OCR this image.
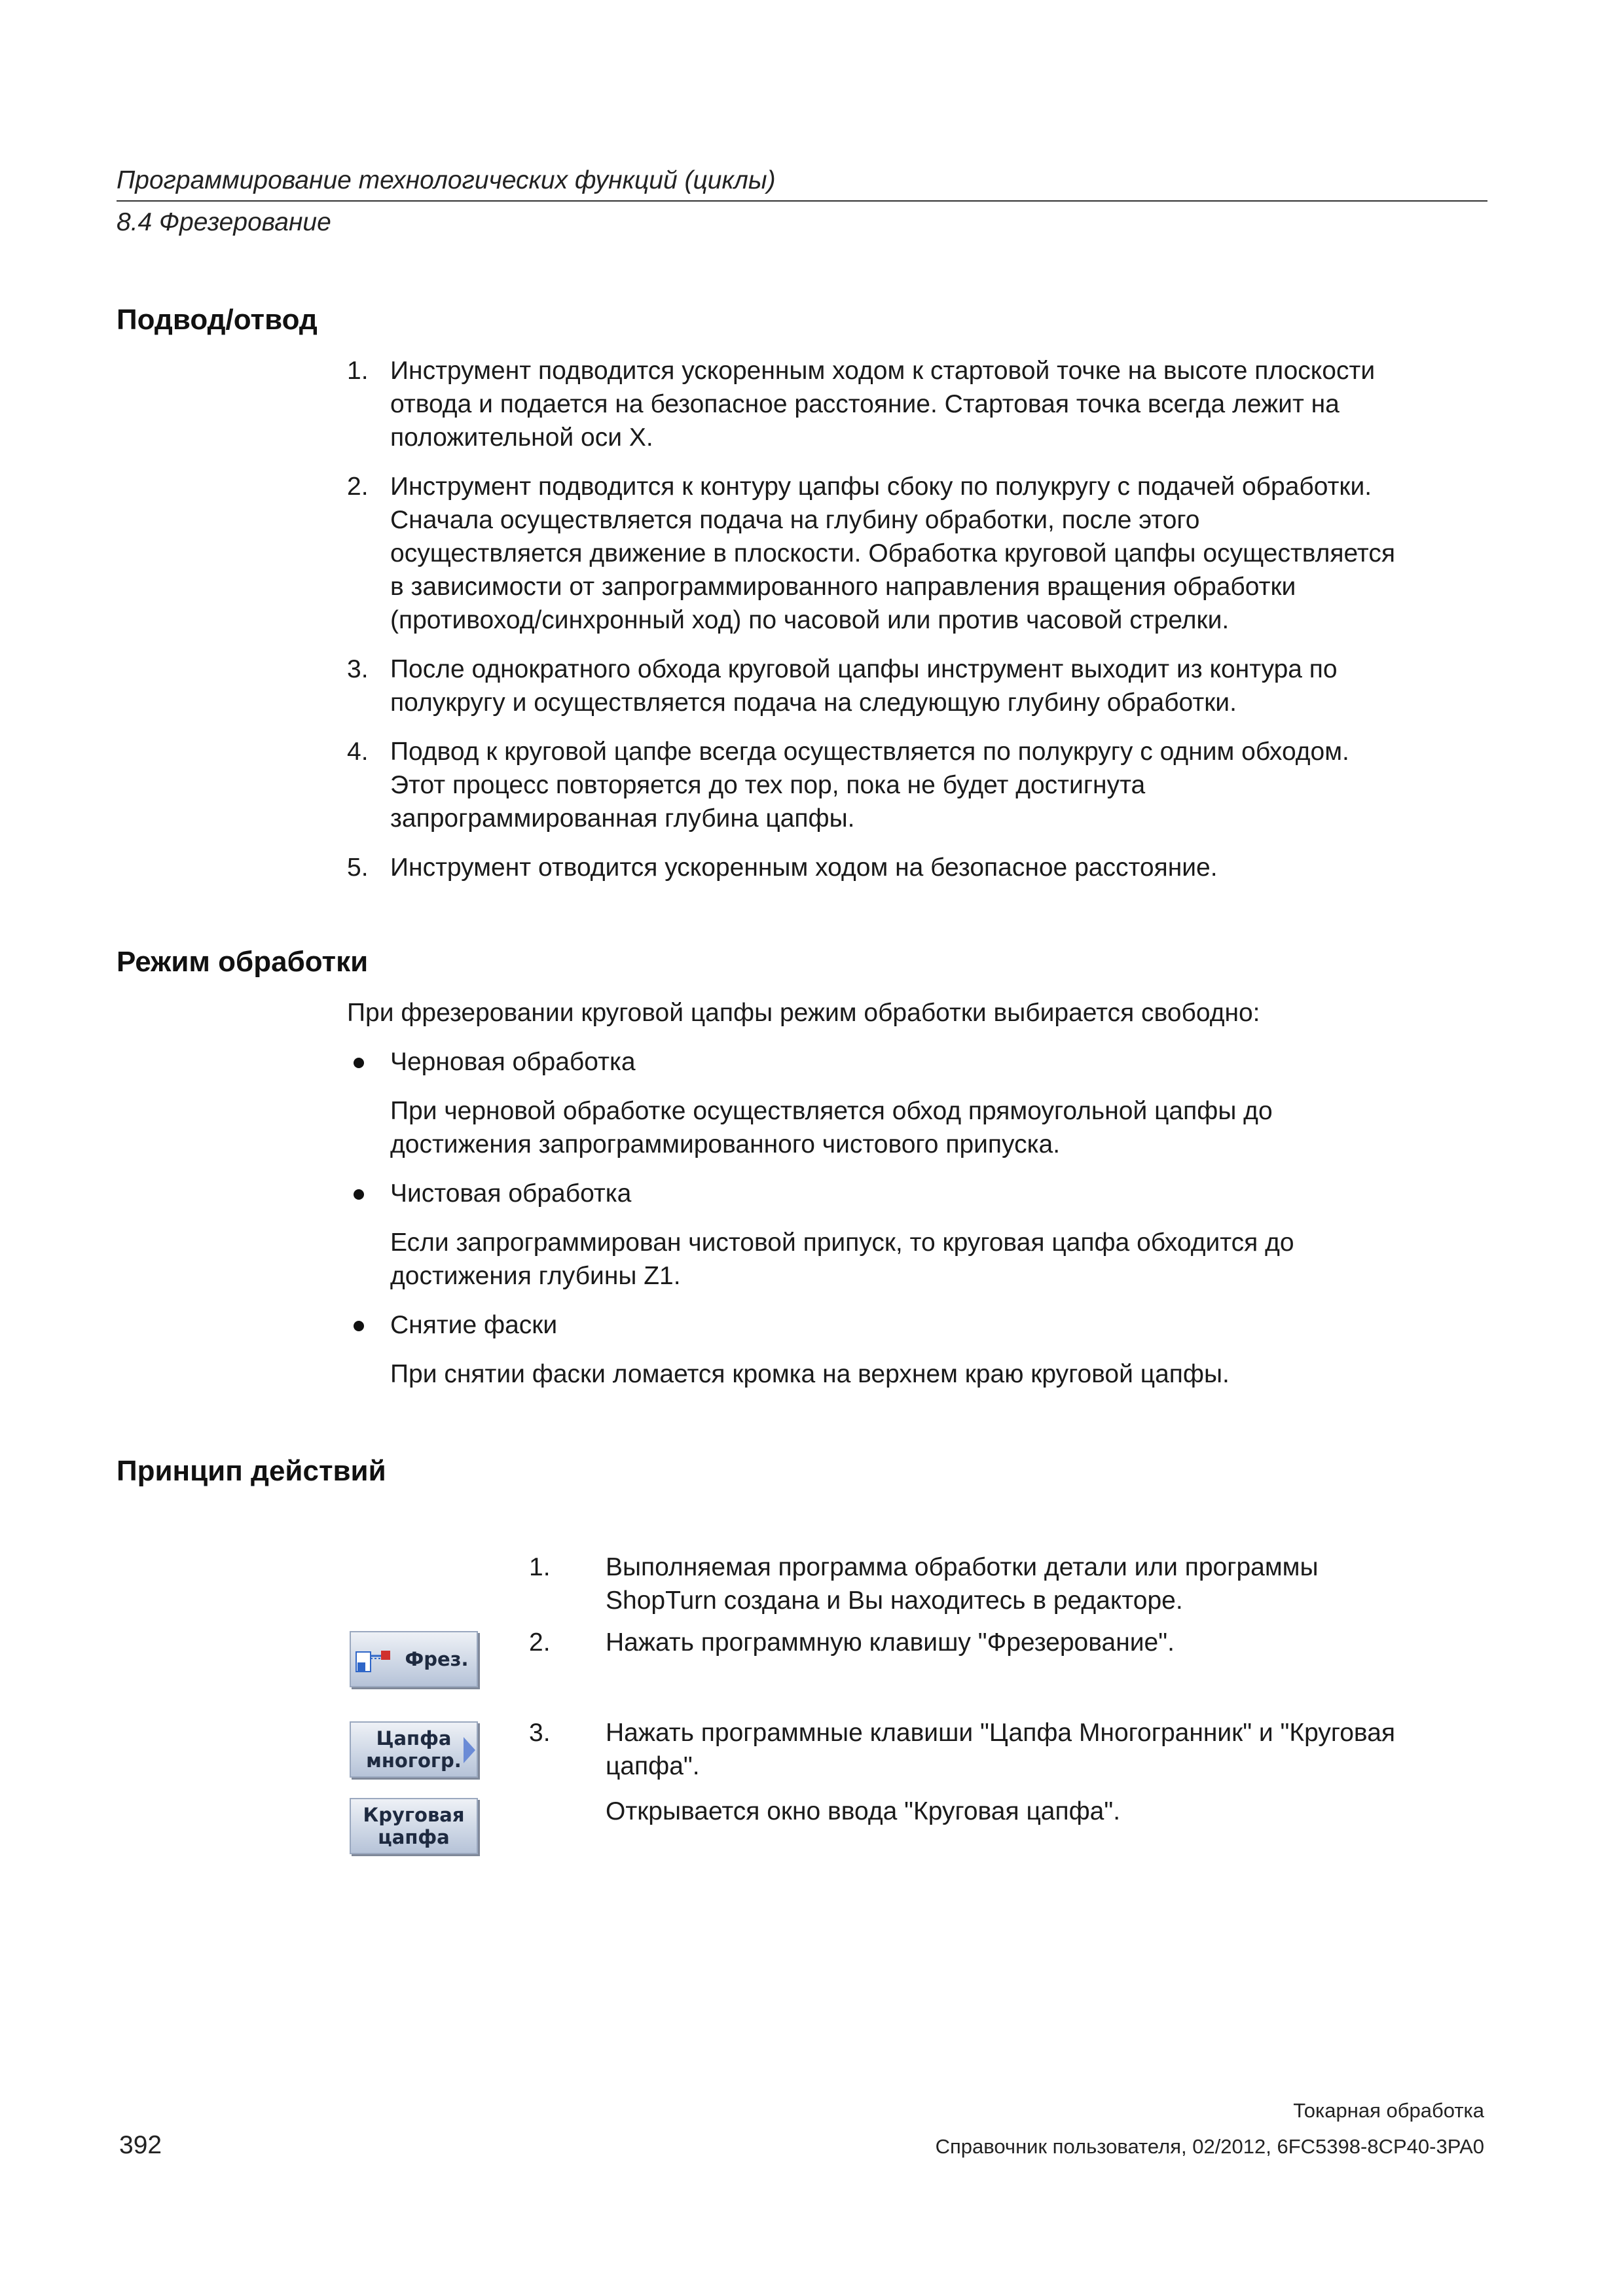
Программирование технологических функций (циклы)
8.4 Фрезерование
Подвод/отвод
1. Инструмент подводится ускоренным ходом к стартовой точке на высоте плоскости
отвода и подается на безопасное расстояние. Стартовая точка всегда лежит на
положительной оси X.
2. Инструмент подводится к контуру цапфы сбоку по полукругу с подачей обработки.
Сначала осуществляется подача на глубину обработки, после этого
осуществляется движение в плоскости. Обработка круговой цапфы осуществляется
в зависимости от запрограммированного направления вращения обработки
(противоход/синхронный ход) по часовой или против часовой стрелки.
3. После однократного обхода круговой цапфы инструмент выходит из контура по
полукругу и осуществляется подача на следующую глубину обработки.
4. Подвод к круговой цапфе всегда осуществляется по полукругу с одним обходом.
Этот процесс повторяется до тех пор, пока не будет достигнута
запрограммированная глубина цапфы.
5. Инструмент отводится ускоренным ходом на безопасное расстояние.
Режим обработки
При фрезеровании круговой цапфы режим обработки выбирается свободно:
Черновая обработка
При черновой обработке осуществляется обход прямоугольной цапфы до
достижения запрограммированного чистового припуска.
Чистовая обработка
Если запрограммирован чистовой припуск, то круговая цапфа обходится до
достижения глубины Z1.
Снятие фаски
При снятии фаски ломается кромка на верхнем краю круговой цапфы.
Принцип действий
1. Выполняемая программа обработки детали или программы
ShopTurn создана и Вы находитесь в редакторе.
2. Нажать программную клавишу "Фрезерование".
3. Нажать программные клавиши "Цапфа Многогранник" и "Круговая
цапфа".
Открывается окно ввода "Круговая цапфа".
Фрез.
Цапфа
многогр.
Круговая
цапфа
Токарная обработка
392	Справочник пользователя, 02/2012, 6FC5398-8CP40-3PA0
